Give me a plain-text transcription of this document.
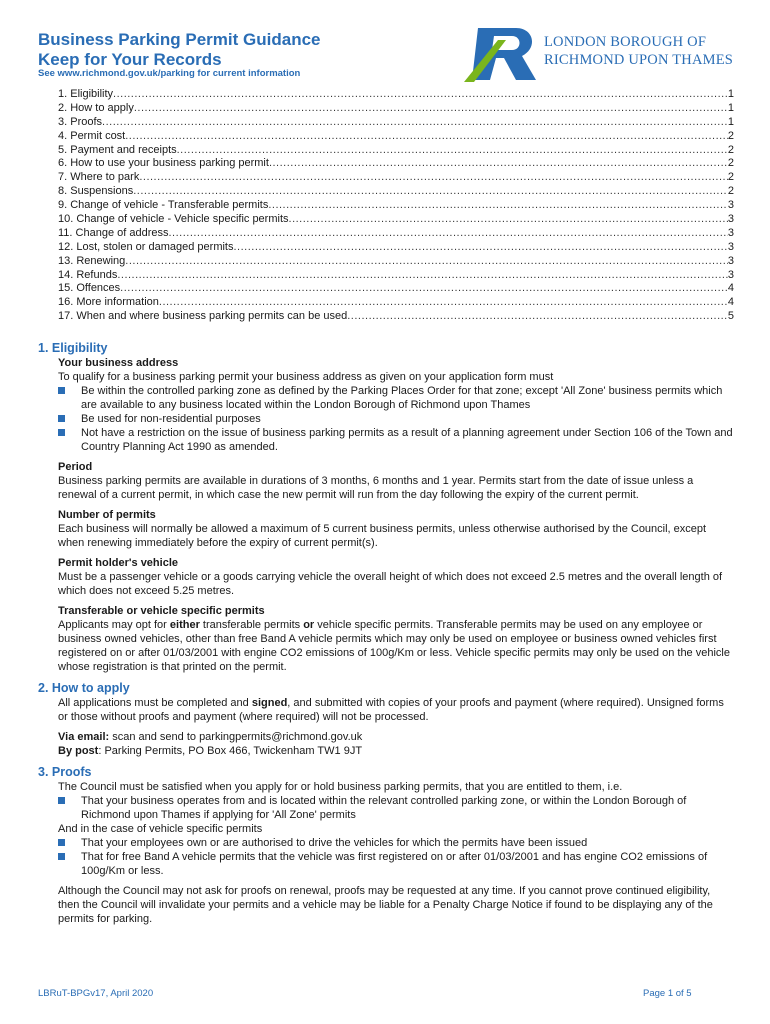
Business Parking Permit Guidance
Keep for Your Records
See www.richmond.gov.uk/parking for current information
LONDON BOROUGH OF
RICHMOND UPON THAMES
1. Eligibility .....	1
2. How to apply .....	1
3. Proofs .....	1
4. Permit cost .....	2
5. Payment and receipts .....	2
6. How to use your business parking permit .....	2
7. Where to park .....	2
8. Suspensions .....	2
9. Change of vehicle - Transferable permits .....	3
10. Change of vehicle - Vehicle specific permits .....	3
11. Change of address .....	3
12. Lost, stolen or damaged permits .....	3
13. Renewing .....	3
14. Refunds .....	3
15. Offences .....	4
16. More information .....	4
17. When and where business parking permits can be used .....	5
1. Eligibility
Your business address
To qualify for a business parking permit your business address as given on your application form must
Be within the controlled parking zone as defined by the Parking Places Order for that zone; except 'All Zone' business permits which are available to any business located within the London Borough of Richmond upon Thames
Be used for non-residential purposes
Not have a restriction on the issue of business parking permits as a result of a planning agreement under Section 106 of the Town and Country Planning Act 1990 as amended.
Period
Business parking permits are available in durations of 3 months, 6 months and 1 year. Permits start from the date of issue unless a renewal of a current permit, in which case the new permit will run from the day following the expiry of the current permit.
Number of permits
Each business will normally be allowed a maximum of 5 current business permits, unless otherwise authorised by the Council, except when renewing immediately before the expiry of current permit(s).
Permit holder's vehicle
Must be a passenger vehicle or a goods carrying vehicle the overall height of which does not exceed 2.5 metres and the overall length of which does not exceed 5.25 metres.
Transferable or vehicle specific permits
Applicants may opt for either transferable permits or vehicle specific permits. Transferable permits may be used on any employee or business owned vehicles, other than free Band A vehicle permits which may only be used on employee or business owned vehicles first registered on or after 01/03/2001 with engine CO2 emissions of 100g/Km or less. Vehicle specific permits may only be used on the vehicle whose registration is that printed on the permit.
2. How to apply
All applications must be completed and signed, and submitted with copies of your proofs and payment (where required). Unsigned forms or those without proofs and payment (where required) will not be processed.
Via email: scan and send to parkingpermits@richmond.gov.uk
By post: Parking Permits, PO Box 466, Twickenham TW1 9JT
3. Proofs
The Council must be satisfied when you apply for or hold business parking permits, that you are entitled to them, i.e.
That your business operates from and is located within the relevant controlled parking zone, or within the London Borough of Richmond upon Thames if applying for 'All Zone' permits
And in the case of vehicle specific permits
That your employees own or are authorised to drive the vehicles for which the permits have been issued
That for free Band A vehicle permits that the vehicle was first registered on or after 01/03/2001 and has engine CO2 emissions of 100g/Km or less.
Although the Council may not ask for proofs on renewal, proofs may be requested at any time. If you cannot prove continued eligibility, then the Council will invalidate your permits and a vehicle may be liable for a Penalty Charge Notice if found to be displaying any of the permits for parking.
LBRuT-BPGv17, April 2020	Page 1 of 5
